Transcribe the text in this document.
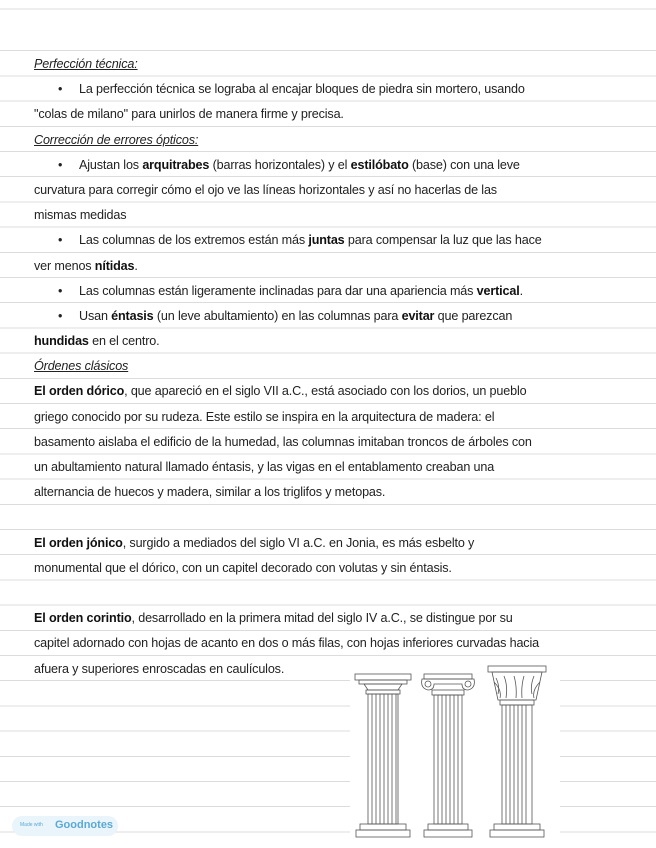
Perfección técnica:
• La perfección técnica se lograba al encajar bloques de piedra sin mortero, usando
"colas de milano" para unirlos de manera firme y precisa.
Corrección de errores ópticos:
• Ajustan los arquitrabes (barras horizontales) y el estilóbato (base) con una leve
curvatura para corregir cómo el ojo ve las líneas horizontales y así no hacerlas de las
mismas medidas
• Las columnas de los extremos están más juntas para compensar la luz que las hace
ver menos nítidas.
• Las columnas están ligeramente inclinadas para dar una apariencia más vertical.
• Usan éntasis (un leve abultamiento) en las columnas para evitar que parezcan
hundidas en el centro.
Órdenes clásicos
El orden dórico, que apareció en el siglo VII a.C., está asociado con los dorios, un pueblo
griego conocido por su rudeza. Este estilo se inspira en la arquitectura de madera: el
basamento aislaba el edificio de la humedad, las columnas imitaban troncos de árboles con
un abultamiento natural llamado éntasis, y las vigas en el entablamento creaban una
alternancia de huecos y madera, similar a los triglifos y metopas.
El orden jónico, surgido a mediados del siglo VI a.C. en Jonia, es más esbelto y
monumental que el dórico, con un capitel decorado con volutas y sin éntasis.
El orden corintio, desarrollado en la primera mitad del siglo IV a.C., se distingue por su
capitel adornado con hojas de acanto en dos o más filas, con hojas inferiores curvadas hacia
afuera y superiores enroscadas en caulículos.
Made with Goodnotes
